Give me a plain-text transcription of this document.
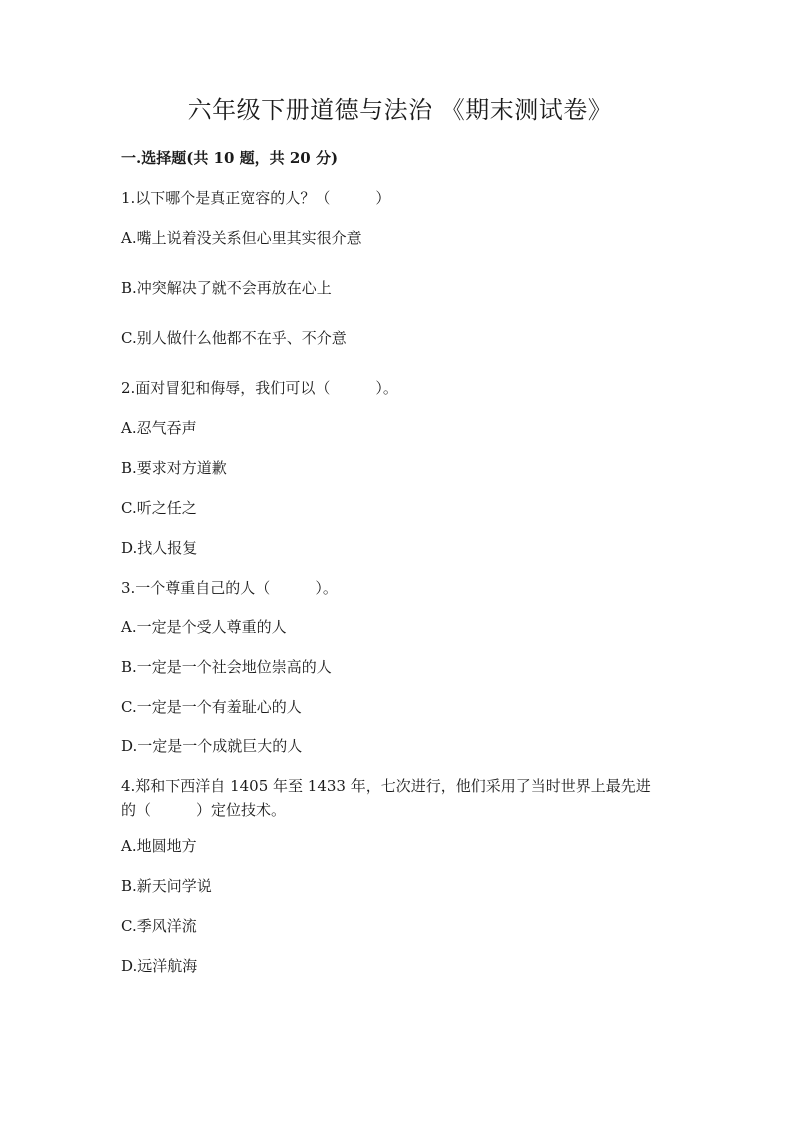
六年级下册道德与法治 《期末测试卷》
一.选择题(共 10 题，共 20 分)
1.以下哪个是真正宽容的人？（　　　）
A.嘴上说着没关系但心里其实很介意
B.冲突解决了就不会再放在心上
C.别人做什么他都不在乎、不介意
2.面对冒犯和侮辱，我们可以（　　　）。
A.忍气吞声
B.要求对方道歉
C.听之任之
D.找人报复
3.一个尊重自己的人（　　　）。
A.一定是个受人尊重的人
B.一定是一个社会地位崇高的人
C.一定是一个有羞耻心的人
D.一定是一个成就巨大的人
4.郑和下西洋自 1405 年至 1433 年，七次进行，他们采用了当时世界上最先进
的（　　　）定位技术。
A.地圆地方
B.新天问学说
C.季风洋流
D.远洋航海
